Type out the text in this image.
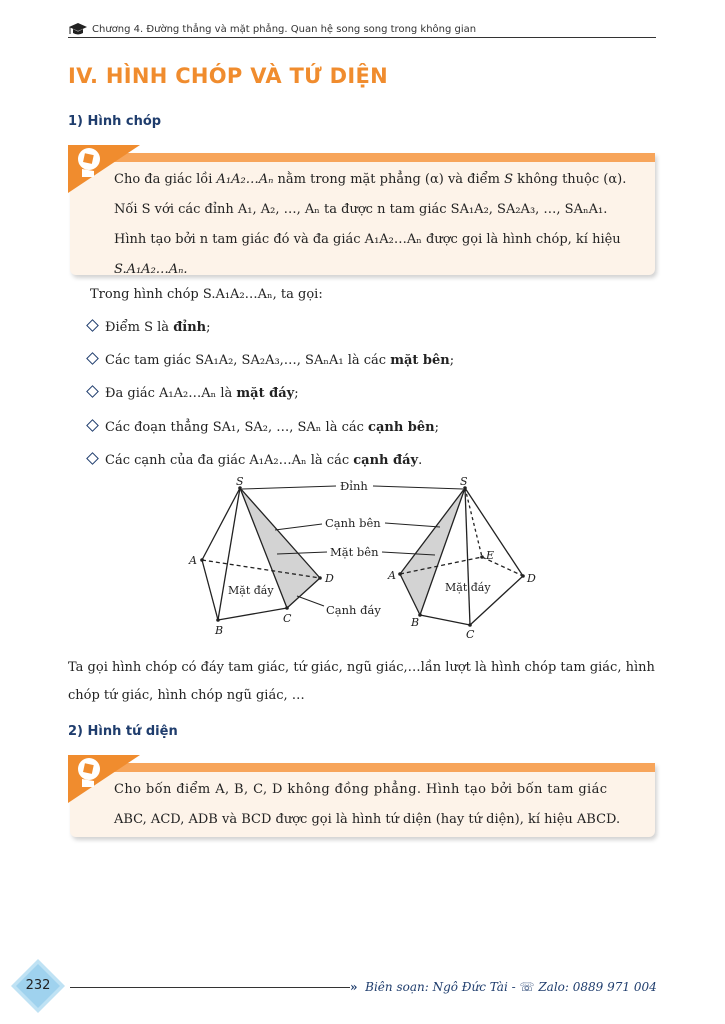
Chương 4. Đường thẳng và mặt phẳng. Quan hệ song song trong không gian
IV. HÌNH CHÓP VÀ TỨ DIỆN
1) Hình chóp
Cho đa giác lồi A₁A₂…Aₙ nằm trong mặt phẳng (α) và điểm S không thuộc (α).
Nối S với các đỉnh A₁, A₂, …, Aₙ ta được n tam giác SA₁A₂, SA₂A₃, …, SAₙA₁.
Hình tạo bởi n tam giác đó và đa giác A₁A₂…Aₙ được gọi là hình chóp, kí hiệu
S.A₁A₂…Aₙ.
Trong hình chóp S.A₁A₂…Aₙ, ta gọi:
Điểm S là đỉnh;
Các tam giác SA₁A₂, SA₂A₃,…, SAₙA₁ là các mặt bên;
Đa giác A₁A₂…Aₙ là mặt đáy;
Các đoạn thẳng SA₁, SA₂, …, SAₙ là các cạnh bên;
Các cạnh của đa giác A₁A₂…Aₙ là các cạnh đáy.
Đỉnh
Cạnh bên
Mặt bên
Cạnh đáy
Mặt đáy	Mặt đáy
S
A
B
C
D
S
A
B
C
D
E
Ta gọi hình chóp có đáy tam giác, tứ giác, ngũ giác,…lần lượt là hình chóp tam giác, hình
chóp tứ giác, hình chóp ngũ giác, …
2) Hình tứ diện
Cho bốn điểm A, B, C, D không đồng phẳng. Hình tạo bởi bốn tam giác
ABC, ACD, ADB và BCD được gọi là hình tứ diện (hay tứ diện), kí hiệu ABCD.
232	» Biên soạn: Ngô Đức Tài - ☏ Zalo: 0889 971 004
